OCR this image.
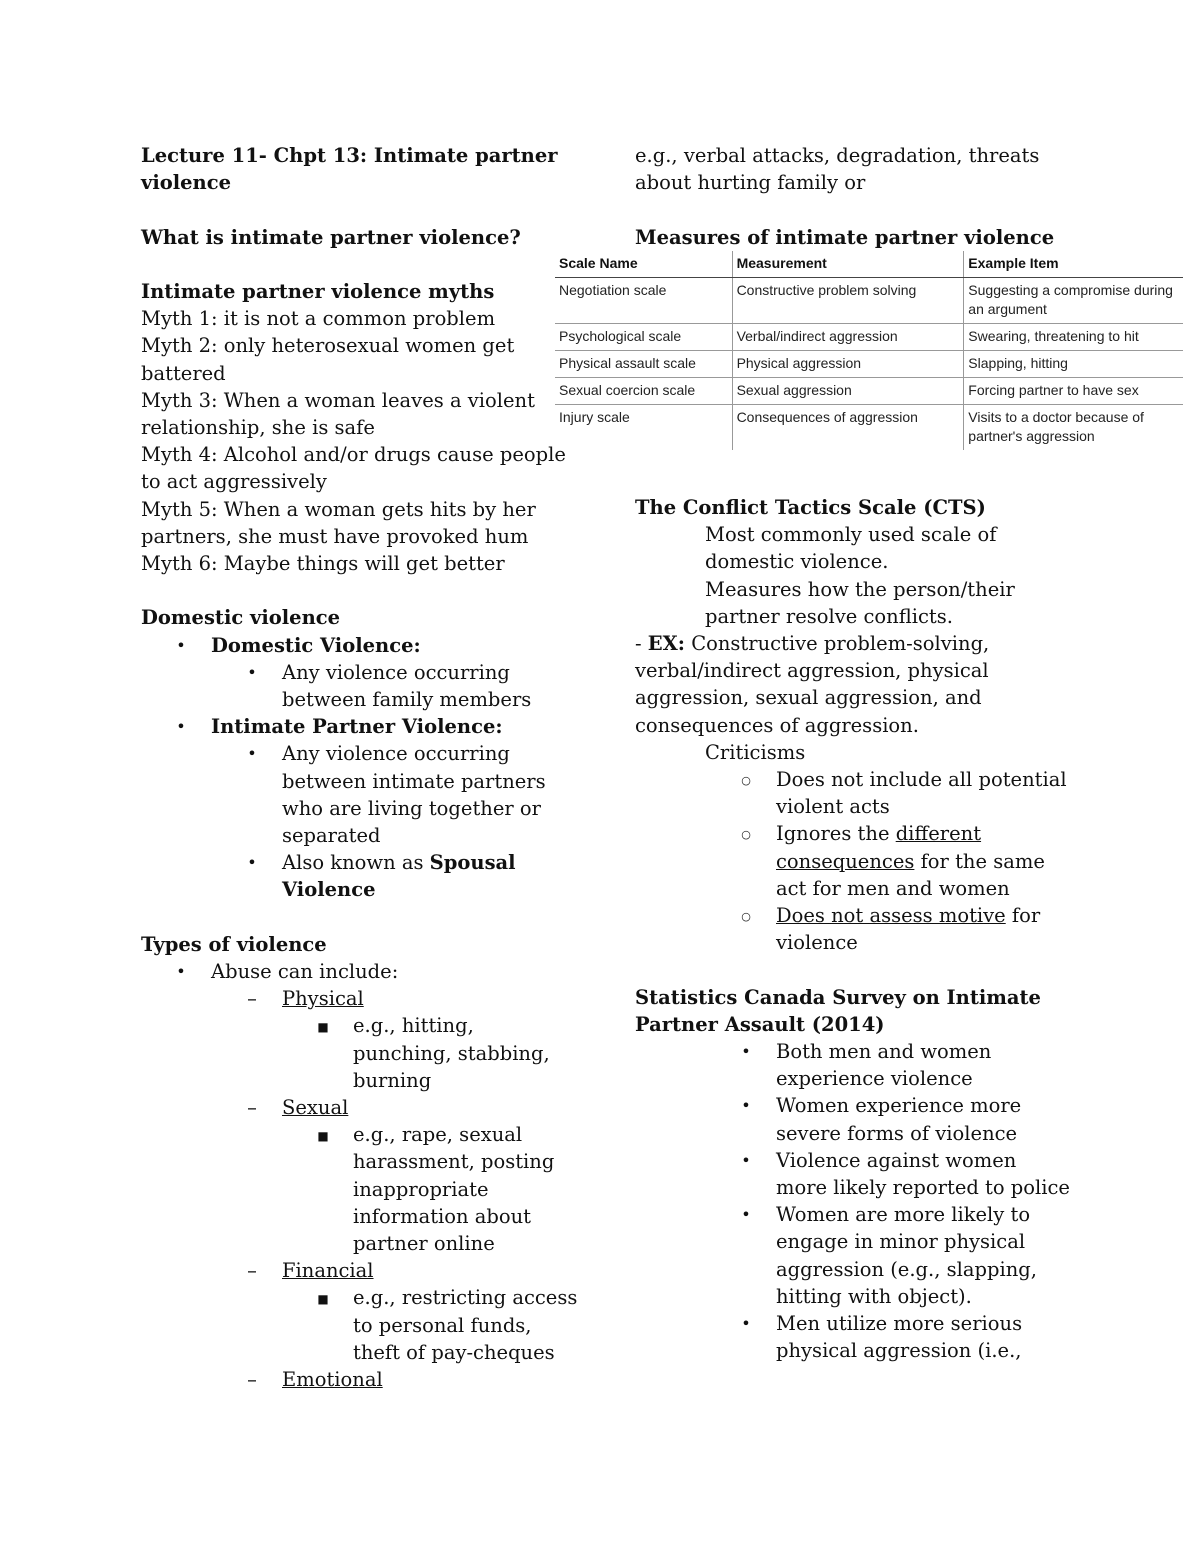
Lecture 11- Chpt 13: Intimate partner
violence
What is intimate partner violence?
Intimate partner violence myths
Myth 1: it is not a common problem
Myth 2: only heterosexual women get
battered
Myth 3: When a woman leaves a violent
relationship, she is safe
Myth 4: Alcohol and/or drugs cause people
to act aggressively
Myth 5: When a woman gets hits by her
partners, she must have provoked hum
Myth 6: Maybe things will get better
Domestic violence
• Domestic Violence:
• Any violence occurring
between family members
• Intimate Partner Violence:
• Any violence occurring
between intimate partners
who are living together or
separated
• Also known as Spousal
Violence
Types of violence
• Abuse can include:
– Physical
■ e.g., hitting,
punching, stabbing,
burning
– Sexual
■ e.g., rape, sexual
harassment, posting
inappropriate
information about
partner online
– Financial
■ e.g., restricting access
to personal funds,
theft of pay-cheques
– Emotional
e.g., verbal attacks, degradation, threats
about hurting family or
Measures of intimate partner violence
Scale Name	Measurement	Example Item
Negotiation scale	Constructive problem solving	Suggesting a compromise during an argument
Psychological scale	Verbal/indirect aggression	Swearing, threatening to hit
Physical assault scale	Physical aggression	Slapping, hitting
Sexual coercion scale	Sexual aggression	Forcing partner to have sex
Injury scale	Consequences of aggression	Visits to a doctor because of partner's aggression
The Conflict Tactics Scale (CTS)
Most commonly used scale of
domestic violence.
Measures how the person/their
partner resolve conflicts.
- EX: Constructive problem-solving,
verbal/indirect aggression, physical
aggression, sexual aggression, and
consequences of aggression.
Criticisms
○ Does not include all potential
violent acts
○ Ignores the different
consequences for the same
act for men and women
○ Does not assess motive for
violence
Statistics Canada Survey on Intimate
Partner Assault (2014)
• Both men and women
experience violence
• Women experience more
severe forms of violence
• Violence against women
more likely reported to police
• Women are more likely to
engage in minor physical
aggression (e.g., slapping,
hitting with object).
• Men utilize more serious
physical aggression (i.e.,
